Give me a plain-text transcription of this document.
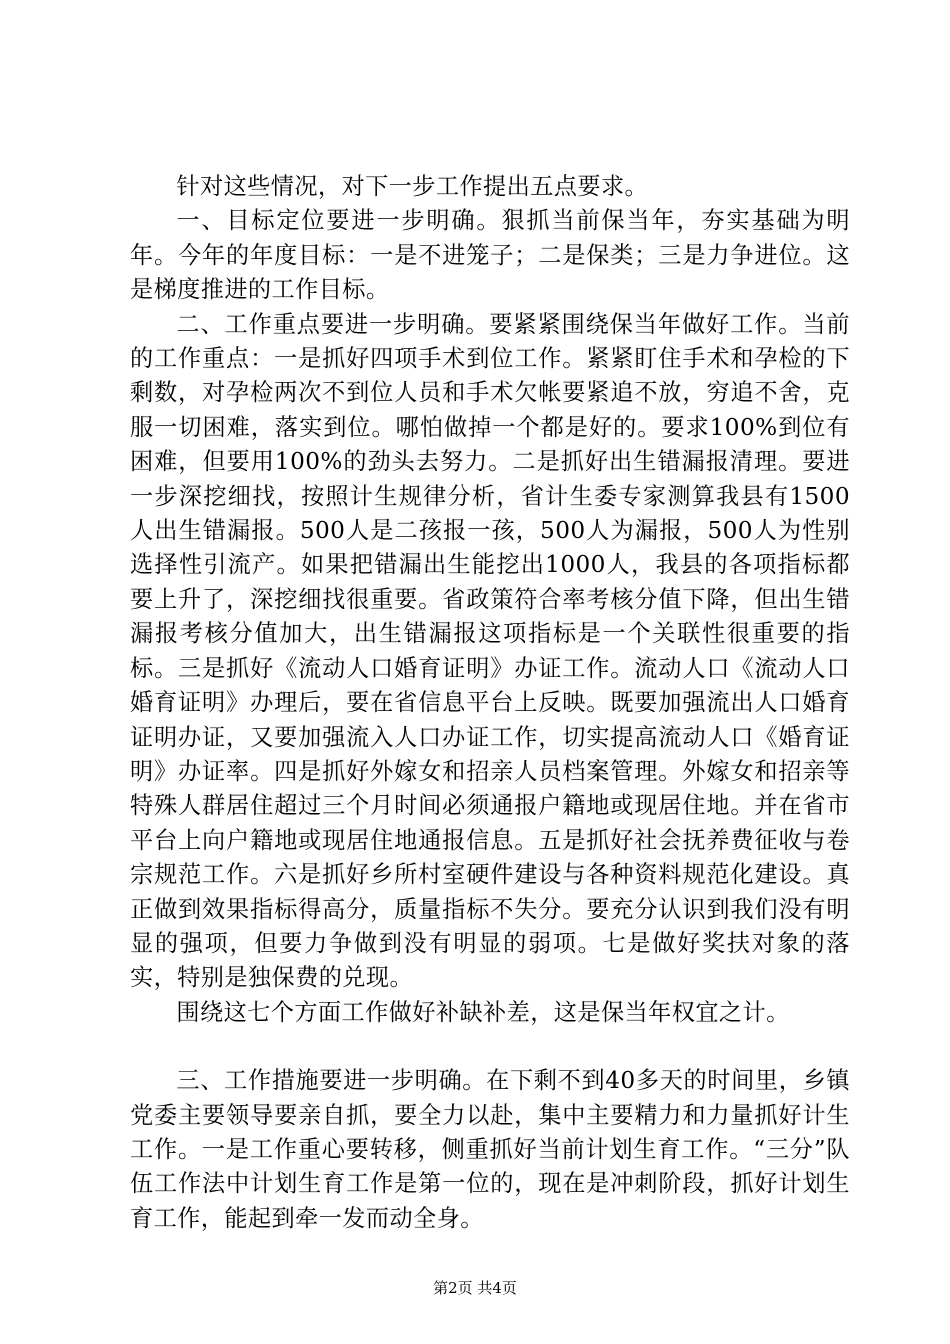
针对这些情况，对下一步工作提出五点要求。

一、目标定位要进一步明确。狠抓当前保当年，夯实基础为明年。今年的年度目标：一是不进笼子；二是保类；三是力争进位。这是梯度推进的工作目标。

二、工作重点要进一步明确。要紧紧围绕保当年做好工作。当前的工作重点：一是抓好四项手术到位工作。紧紧盯住手术和孕检的下剩数，对孕检两次不到位人员和手术欠帐要紧追不放，穷追不舍，克服一切困难，落实到位。哪怕做掉一个都是好的。要求100%到位有困难，但要用100%的劲头去努力。二是抓好出生错漏报清理。要进一步深挖细找，按照计生规律分析，省计生委专家测算我县有1500人出生错漏报。500人是二孩报一孩，500人为漏报，500人为性别选择性引流产。如果把错漏出生能挖出1000人，我县的各项指标都要上升了，深挖细找很重要。省政策符合率考核分值下降，但出生错漏报考核分值加大，出生错漏报这项指标是一个关联性很重要的指标。三是抓好《流动人口婚育证明》办证工作。流动人口《流动人口婚育证明》办理后，要在省信息平台上反映。既要加强流出人口婚育证明办证，又要加强流入人口办证工作，切实提高流动人口《婚育证明》办证率。四是抓好外嫁女和招亲人员档案管理。外嫁女和招亲等特殊人群居住超过三个月时间必须通报户籍地或现居住地。并在省市平台上向户籍地或现居住地通报信息。五是抓好社会抚养费征收与卷宗规范工作。六是抓好乡所村室硬件建设与各种资料规范化建设。真正做到效果指标得高分，质量指标不失分。要充分认识到我们没有明显的强项，但要力争做到没有明显的弱项。七是做好奖扶对象的落实，特别是独保费的兑现。

围绕这七个方面工作做好补缺补差，这是保当年权宜之计。

三、工作措施要进一步明确。在下剩不到40多天的时间里，乡镇党委主要领导要亲自抓，要全力以赴，集中主要精力和力量抓好计生工作。一是工作重心要转移，侧重抓好当前计划生育工作。“三分”队伍工作法中计划生育工作是第一位的，现在是冲刺阶段，抓好计划生育工作，能起到牵一发而动全身。

第2页 共4页
